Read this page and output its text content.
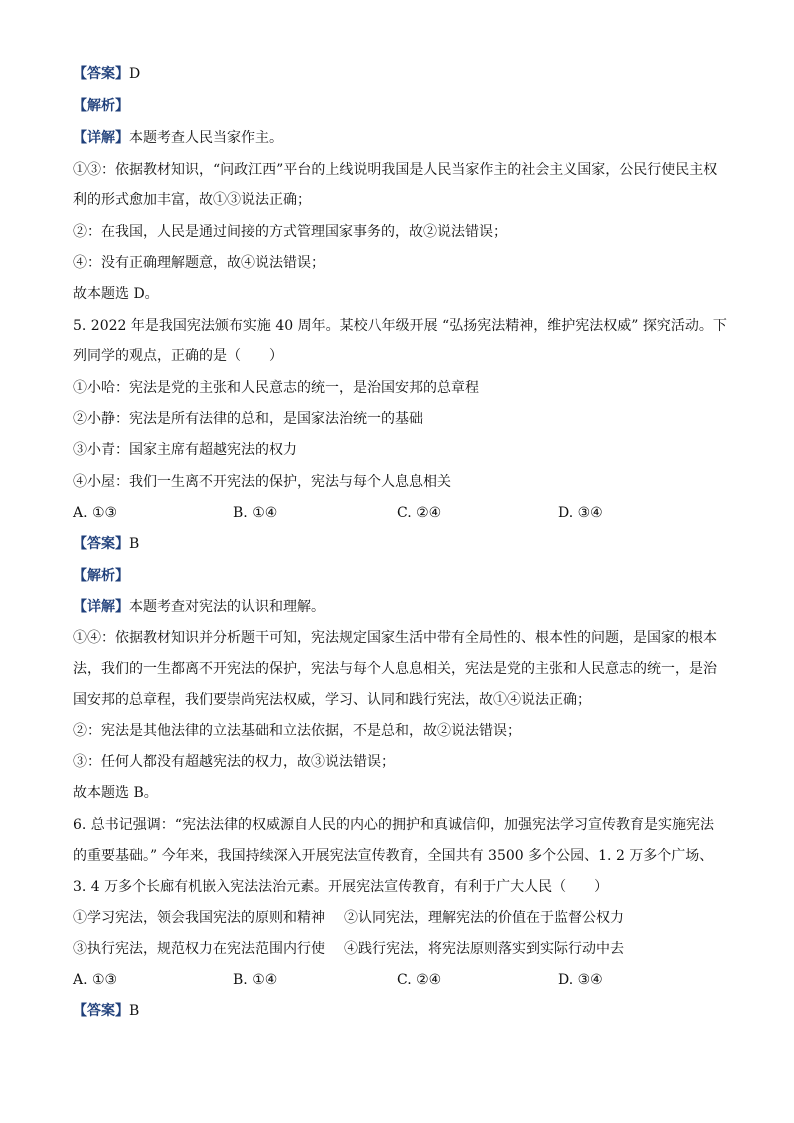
【答案】D
【解析】
【详解】本题考查人民当家作主。
①③：依据教材知识，“问政江西”平台的上线说明我国是人民当家作主的社会主义国家，公民行使民主权
利的形式愈加丰富，故①③说法正确；
②：在我国，人民是通过间接的方式管理国家事务的，故②说法错误；
④：没有正确理解题意，故④说法错误；
故本题选 D。
5. 2022 年是我国宪法颁布实施 40 周年。某校八年级开展 “弘扬宪法精神，维护宪法权威” 探究活动。下
列同学的观点，正确的是（　　）
①小哈：宪法是党的主张和人民意志的统一，是治国安邦的总章程
②小静：宪法是所有法律的总和，是国家法治统一的基础
③小青：国家主席有超越宪法的权力
④小屋：我们一生离不开宪法的保护，宪法与每个人息息相关
A. ①③	B. ①④	C. ②④	D. ③④
【答案】B
【解析】
【详解】本题考查对宪法的认识和理解。
①④：依据教材知识并分析题干可知，宪法规定国家生活中带有全局性的、根本性的问题，是国家的根本
法，我们的一生都离不开宪法的保护，宪法与每个人息息相关，宪法是党的主张和人民意志的统一，是治
国安邦的总章程，我们要崇尚宪法权威，学习、认同和践行宪法，故①④说法正确；
②：宪法是其他法律的立法基础和立法依据，不是总和，故②说法错误；
③：任何人都没有超越宪法的权力，故③说法错误；
故本题选 B。
6. 总书记强调：“宪法法律的权威源自人民的内心的拥护和真诚信仰，加强宪法学习宣传教育是实施宪法
的重要基础。” 今年来，我国持续深入开展宪法宣传教育，全国共有 3500 多个公园、1. 2 万多个广场、
3. 4 万多个长廊有机嵌入宪法法治元素。开展宪法宣传教育，有利于广大人民（　　）
①学习宪法，领会我国宪法的原则和精神 ②认同宪法，理解宪法的价值在于监督公权力
③执行宪法，规范权力在宪法范围内行使 ④践行宪法，将宪法原则落实到实际行动中去
A. ①③	B. ①④	C. ②④	D. ③④
【答案】B
